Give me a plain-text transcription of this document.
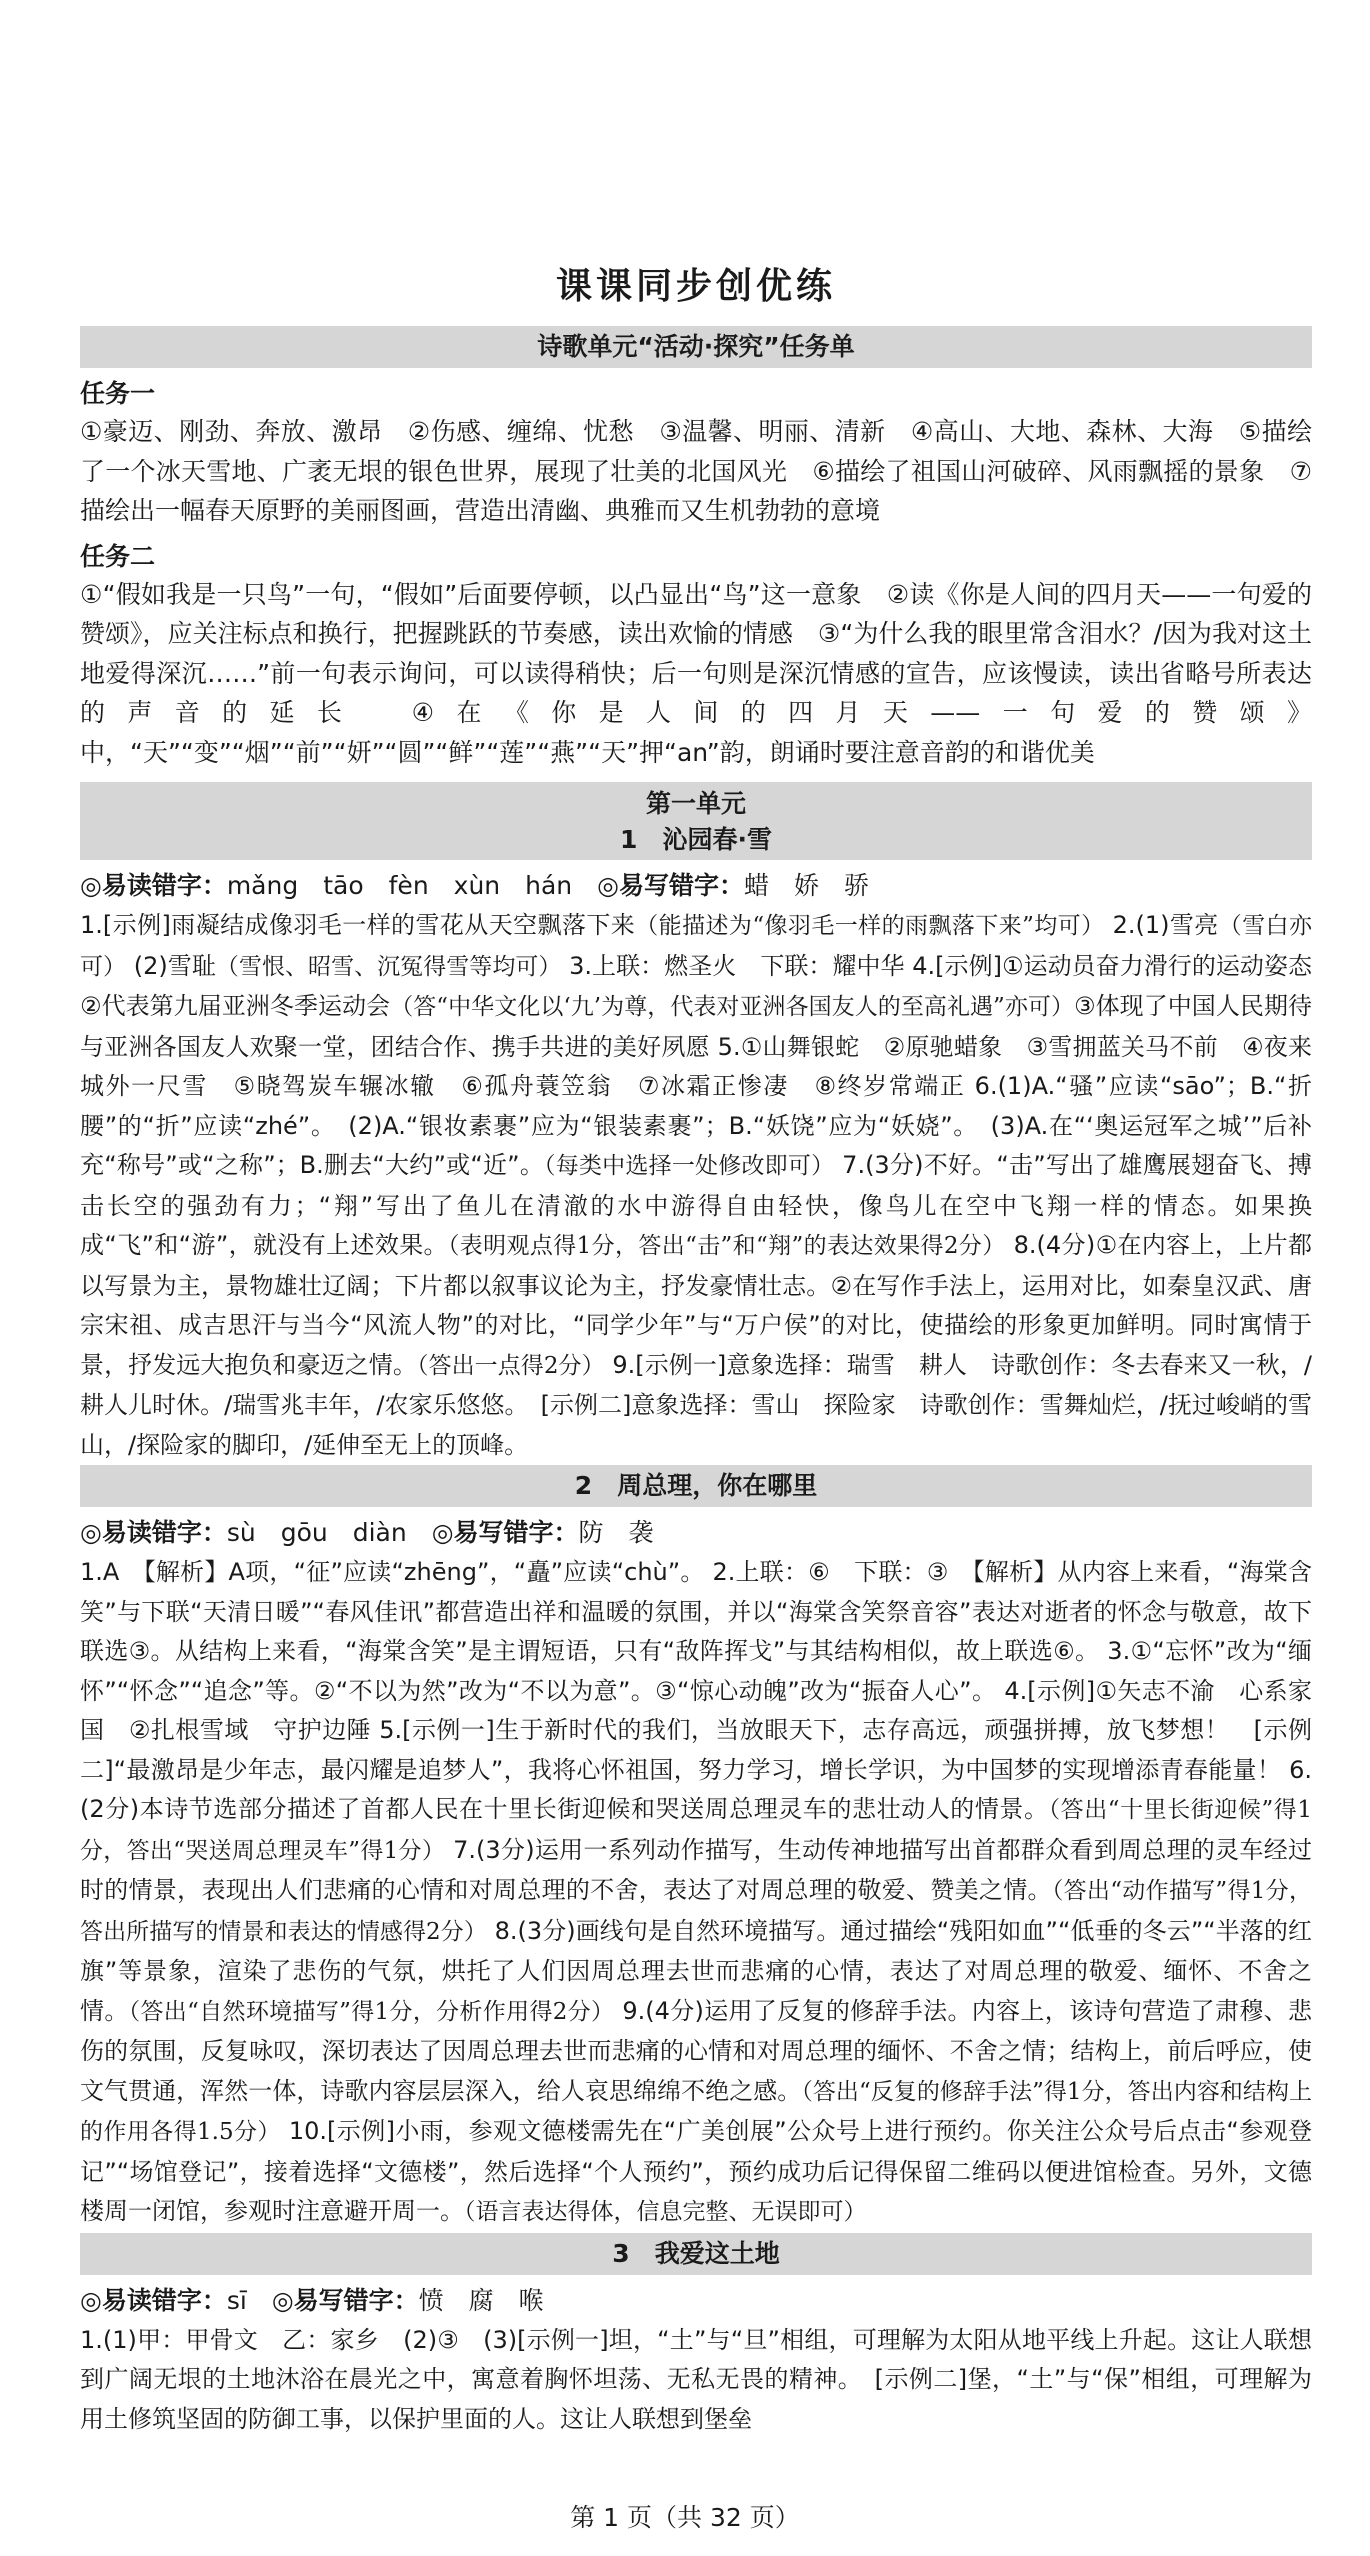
课课同步创优练
诗歌单元“活动·探究”任务单
任务一

①豪迈、刚劲、奔放、激昂　②伤感、缠绵、忧愁　③温馨、明丽、清新　④高山、大地、森林、大海　⑤描绘了一个冰天雪地、广袤无垠的银色世界，展现了壮美的北国风光　⑥描绘了祖国山河破碎、风雨飘摇的景象　⑦描绘出一幅春天原野的美丽图画，营造出清幽、典雅而又生机勃勃的意境

任务二

①“假如我是一只鸟”一句，“假如”后面要停顿，以凸显出“鸟”这一意象　②读《你是人间的四月天——一句爱的赞颂》，应关注标点和换行，把握跳跃的节奏感，读出欢愉的情感　③“为什么我的眼里常含泪水？/因为我对这土地爱得深沉……”前一句表示询问，可以读得稍快；后一句则是深沉情感的宣告，应该慢读，读出省略号所表达的声音的延长　④在《你是人间的四月天——一句爱的赞颂》中，“天”“变”“烟”“前”“妍”“圆”“鲜”“莲”“燕”“天”押“an”韵，朗诵时要注意音韵的和谐优美

第一单元
1　沁园春·雪
◎易读错字：mǎng　tāo　fèn　xùn　hán　 ◎易写错字：蜡　娇　骄

1.[示例]雨凝结成像羽毛一样的雪花从天空飘落下来（能描述为“像羽毛一样的雨飘落下来”均可） 2.(1)雪亮（雪白亦可） (2)雪耻（雪恨、昭雪、沉冤得雪等均可） 3.上联：燃圣火　下联：耀中华 4.[示例]①运动员奋力滑行的运动姿态　②代表第九届亚洲冬季运动会（答“中华文化以‘九’为尊，代表对亚洲各国友人的至高礼遇”亦可）③体现了中国人民期待与亚洲各国友人欢聚一堂，团结合作、携手共进的美好夙愿 5.①山舞银蛇　②原驰蜡象　③雪拥蓝关马不前　④夜来城外一尺雪　⑤晓驾炭车辗冰辙　⑥孤舟蓑笠翁　⑦冰霜正惨凄　⑧终岁常端正 6.(1)A.“骚”应读“sāo”；B.“折腰”的“折”应读“zhé”。　(2)A.“银妆素裹”应为“银装素裹”；B.“妖饶”应为“妖娆”。　(3)A.在“‘奥运冠军之城’”后补充“称号”或“之称”；B.删去“大约”或“近”。（每类中选择一处修改即可） 7.(3分)不好。“击”写出了雄鹰展翅奋飞、搏击长空的强劲有力；“翔”写出了鱼儿在清澈的水中游得自由轻快，像鸟儿在空中飞翔一样的情态。如果换成“飞”和“游”，就没有上述效果。（表明观点得1分，答出“击”和“翔”的表达效果得2分） 8.(4分)①在内容上，上片都以写景为主，景物雄壮辽阔；下片都以叙事议论为主，抒发豪情壮志。②在写作手法上，运用对比，如秦皇汉武、唐宗宋祖、成吉思汗与当今“风流人物”的对比，“同学少年”与“万户侯”的对比，使描绘的形象更加鲜明。同时寓情于景，抒发远大抱负和豪迈之情。（答出一点得2分） 9.[示例一]意象选择：瑞雪　耕人　诗歌创作：冬去春来又一秋，/耕人儿时休。/瑞雪兆丰年，/农家乐悠悠。　[示例二]意象选择：雪山　探险家　诗歌创作：雪舞灿烂，/抚过峻峭的雪山，/探险家的脚印，/延伸至无上的顶峰。

2　周总理，你在哪里
◎易读错字：sù　gōu　diàn　 ◎易写错字：防　袭

1.A　【解析】A项，“征”应读“zhēng”，“矗”应读“chù”。 2.上联：⑥　下联：③　【解析】从内容上来看，“海棠含笑”与下联“天清日暖”“春风佳讯”都营造出祥和温暖的氛围，并以“海棠含笑祭音容”表达对逝者的怀念与敬意，故下联选③。从结构上来看，“海棠含笑”是主谓短语，只有“敌阵挥戈”与其结构相似，故上联选⑥。 3.①“忘怀”改为“缅怀”“怀念”“追念”等。②“不以为然”改为“不以为意”。③“惊心动魄”改为“振奋人心”。 4.[示例]①矢志不渝　心系家国　②扎根雪域　守护边陲 5.[示例一]生于新时代的我们，当放眼天下，志存高远，顽强拼搏，放飞梦想！　[示例二]“最激昂是少年志，最闪耀是追梦人”，我将心怀祖国，努力学习，增长学识，为中国梦的实现增添青春能量！ 6.(2分)本诗节选部分描述了首都人民在十里长街迎候和哭送周总理灵车的悲壮动人的情景。（答出“十里长街迎候”得1分，答出“哭送周总理灵车”得1分） 7.(3分)运用一系列动作描写，生动传神地描写出首都群众看到周总理的灵车经过时的情景，表现出人们悲痛的心情和对周总理的不舍，表达了对周总理的敬爱、赞美之情。（答出“动作描写”得1分，答出所描写的情景和表达的情感得2分） 8.(3分)画线句是自然环境描写。通过描绘“残阳如血”“低垂的冬云”“半落的红旗”等景象，渲染了悲伤的气氛，烘托了人们因周总理去世而悲痛的心情，表达了对周总理的敬爱、缅怀、不舍之情。（答出“自然环境描写”得1分，分析作用得2分） 9.(4分)运用了反复的修辞手法。内容上，该诗句营造了肃穆、悲伤的氛围，反复咏叹，深切表达了因周总理去世而悲痛的心情和对周总理的缅怀、不舍之情；结构上，前后呼应，使文气贯通，浑然一体，诗歌内容层层深入，给人哀思绵绵不绝之感。（答出“反复的修辞手法”得1分，答出内容和结构上的作用各得1.5分） 10.[示例]小雨，参观文德楼需先在“广美创展”公众号上进行预约。你关注公众号后点击“参观登记”“场馆登记”，接着选择“文德楼”，然后选择“个人预约”，预约成功后记得保留二维码以便进馆检查。另外，文德楼周一闭馆，参观时注意避开周一。（语言表达得体，信息完整、无误即可）

3　我爱这土地
◎易读错字：sī　 ◎易写错字：愤　腐　喉

1.(1)甲：甲骨文　乙：家乡　(2)③　(3)[示例一]坦，“土”与“旦”相组，可理解为太阳从地平线上升起。这让人联想到广阔无垠的土地沐浴在晨光之中，寓意着胸怀坦荡、无私无畏的精神。　[示例二]堡，“土”与“保”相组，可理解为用土修筑坚固的防御工事，以保护里面的人。这让人联想到堡垒

第 1 页（共 32 页）
